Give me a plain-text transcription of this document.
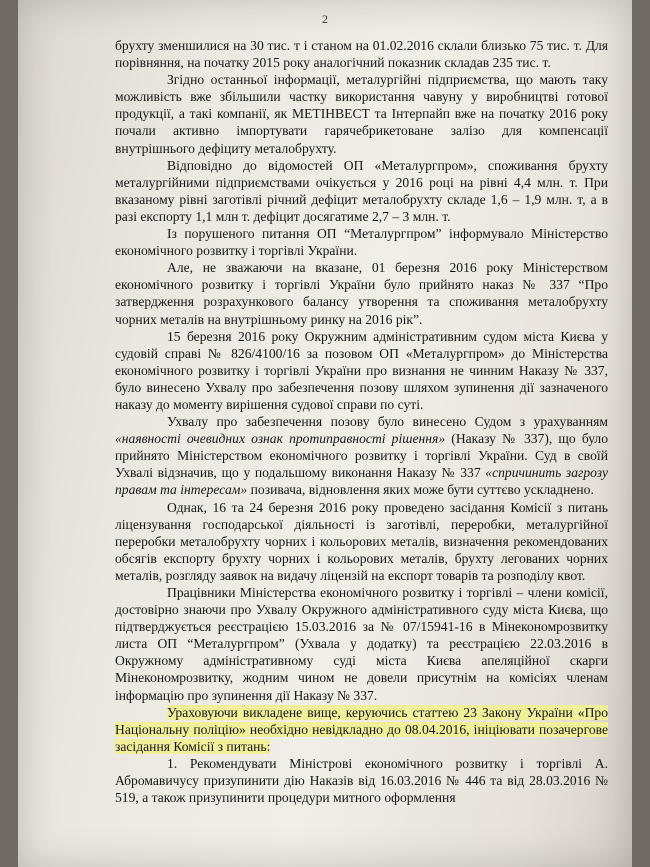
2

брухту зменшилися на 30 тис. т і станом на 01.02.2016 склали близько 75 тис. т. Для порівняння, на початку 2015 року аналогічний показник складав 235 тис. т.

Згідно останньої інформації, металургійні підприємства, що мають таку можливість вже збільшили частку використання чавуну у виробництві готової продукції, а такі компанії, як МЕТІНВЕСТ та Інтерпайп вже на початку 2016 року почали активно імпортувати гарячебрикетоване залізо для компенсації внутрішнього дефіциту металобрухту.

Відповідно до відомостей ОП «Металургпром», споживання брухту металургійними підприємствами очікується у 2016 році на рівні 4,4 млн. т. При вказаному рівні заготівлі річний дефіцит металобрухту складе 1,6 – 1,9 млн. т, а в разі експорту 1,1 млн т. дефіцит досягатиме 2,7 – 3 млн. т.

Із порушеного питання ОП “Металургпром” інформувало Міністерство економічного розвитку і торгівлі України.

Але, не зважаючи на вказане, 01 березня 2016 року Міністерством економічного розвитку і торгівлі України було прийнято наказ № 337 “Про затвердження розрахункового балансу утворення та споживання металобрухту чорних металів на внутрішньому ринку на 2016 рік”.

15 березня 2016 року Окружним адміністративним судом міста Києва у судовій справі № 826/4100/16 за позовом ОП «Металургпром» до Міністерства економічного розвитку і торгівлі України про визнання не чинним Наказу № 337, було винесено Ухвалу про забезпечення позову шляхом зупинення дії зазначеного наказу до моменту вирішення судової справи по суті.

Ухвалу про забезпечення позову було винесено Судом з урахуванням «наявності очевидних ознак протиправності рішення» (Наказу № 337), що було прийнято Міністерством економічного розвитку і торгівлі України. Суд в своїй Ухвалі відзначив, що у подальшому виконання Наказу № 337 «спричинить загрозу правам та інтересам» позивача, відновлення яких може бути суттєво ускладнено.

Однак, 16 та 24 березня 2016 року проведено засідання Комісії з питань ліцензування господарської діяльності із заготівлі, переробки, металургійної переробки металобрухту чорних і кольорових металів, визначення рекомендованих обсягів експорту брухту чорних і кольорових металів, брухту легованих чорних металів, розгляду заявок на видачу ліцензій на експорт товарів та розподілу квот.

Працівники Міністерства економічного розвитку і торгівлі – члени комісії, достовірно знаючи про Ухвалу Окружного адміністративного суду міста Києва, що підтверджується реєстрацією 15.03.2016 за № 07/15941-16 в Мінекономрозвитку листа ОП “Металургпром” (Ухвала у додатку) та реєстрацією 22.03.2016 в Окружному адміністративному суді міста Києва апеляційної скарги Мінекономрозвитку, жодним чином не довели присутнім на комісіях членам інформацію про зупинення дії Наказу № 337.

Ураховуючи викладене вище, керуючись статтею 23 Закону України «Про Національну поліцію» необхідно невідкладно до 08.04.2016, ініціювати позачергове засідання Комісії з питань:

1. Рекомендувати Міністрові економічного розвитку і торгівлі А. Абромавичусу призупинити дію Наказів від 16.03.2016 № 446 та від 28.03.2016 № 519, а також призупинити процедури митного оформлення
